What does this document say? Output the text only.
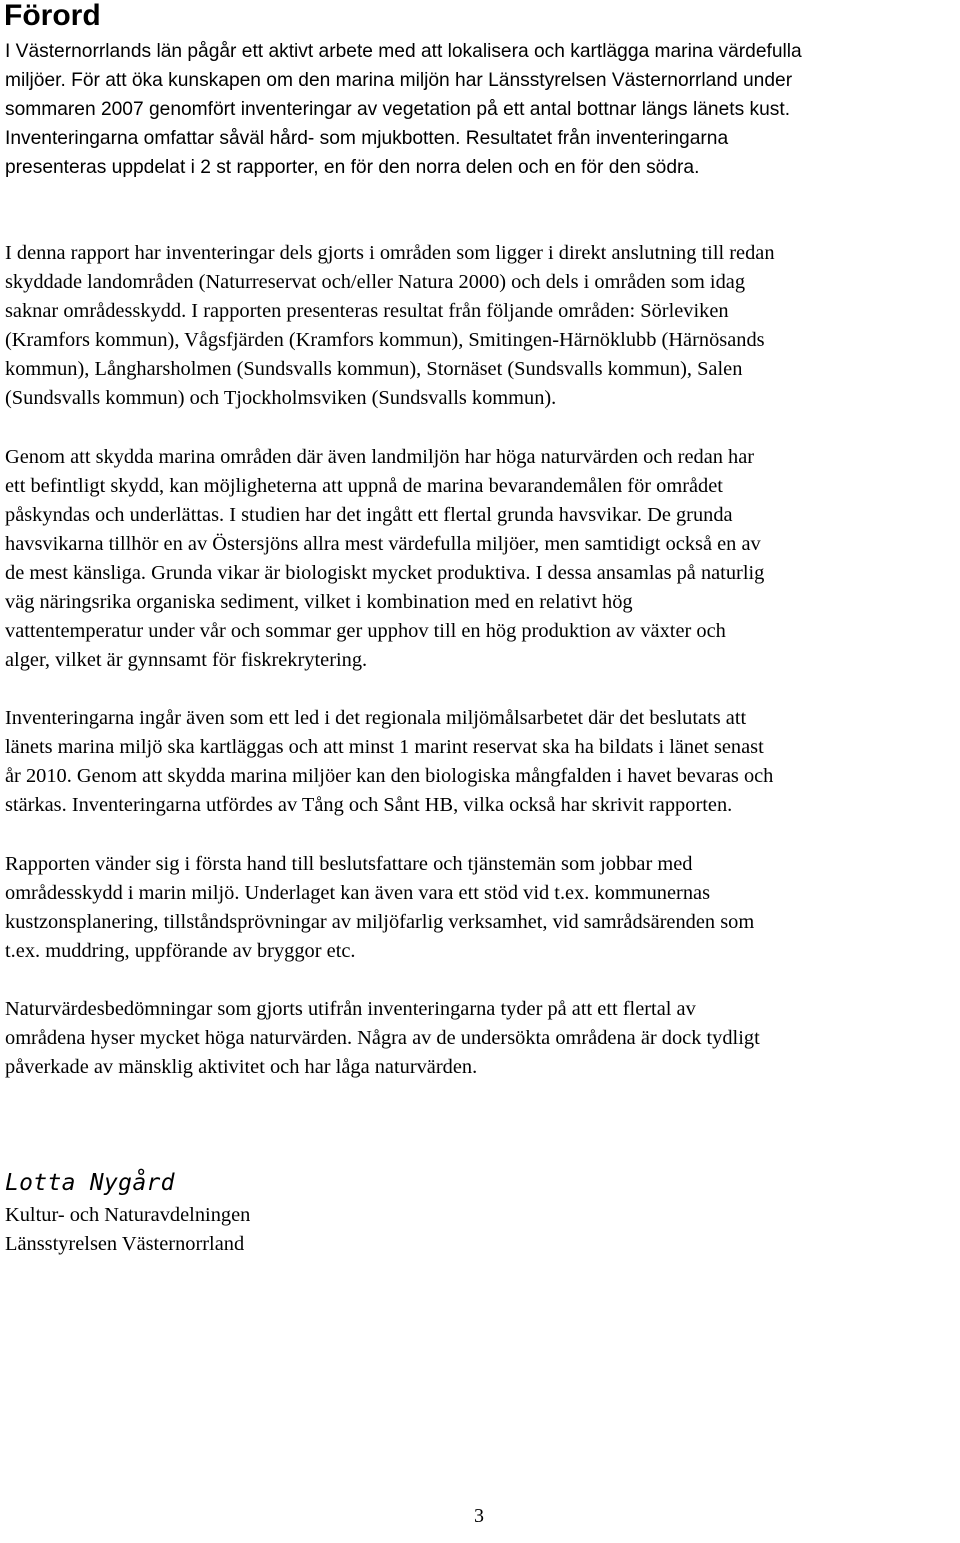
Förord

I Västernorrlands län pågår ett aktivt arbete med att lokalisera och kartlägga marina värdefulla
miljöer. För att öka kunskapen om den marina miljön har Länsstyrelsen Västernorrland under
sommaren 2007 genomfört inventeringar av vegetation på ett antal bottnar längs länets kust.
Inventeringarna omfattar såväl hård- som mjukbotten. Resultatet från inventeringarna
presenteras uppdelat i 2 st rapporter, en för den norra delen och en för den södra.

I denna rapport har inventeringar dels gjorts i områden som ligger i direkt anslutning till redan
skyddade landområden (Naturreservat och/eller Natura 2000) och dels i områden som idag
saknar områdesskydd. I rapporten presenteras resultat från följande områden: Sörleviken
(Kramfors kommun), Vågsfjärden (Kramfors kommun), Smitingen-Härnöklubb (Härnösands
kommun), Långharsholmen (Sundsvalls kommun), Stornäset (Sundsvalls kommun), Salen
(Sundsvalls kommun) och Tjockholmsviken (Sundsvalls kommun).

Genom att skydda marina områden där även landmiljön har höga naturvärden och redan har
ett befintligt skydd, kan möjligheterna att uppnå de marina bevarandemålen för området
påskyndas och underlättas. I studien har det ingått ett flertal grunda havsvikar. De grunda
havsvikarna tillhör en av Östersjöns allra mest värdefulla miljöer, men samtidigt också en av
de mest känsliga. Grunda vikar är biologiskt mycket produktiva. I dessa ansamlas på naturlig
väg näringsrika organiska sediment, vilket i kombination med en relativt hög
vattentemperatur under vår och sommar ger upphov till en hög produktion av växter och
alger, vilket är gynnsamt för fiskrekrytering.

Inventeringarna ingår även som ett led i det regionala miljömålsarbetet där det beslutats att
länets marina miljö ska kartläggas och att minst 1 marint reservat ska ha bildats i länet senast
år 2010. Genom att skydda marina miljöer kan den biologiska mångfalden i havet bevaras och
stärkas. Inventeringarna utfördes av Tång och Sånt HB, vilka också har skrivit rapporten.

Rapporten vänder sig i första hand till beslutsfattare och tjänstemän som jobbar med
områdesskydd i marin miljö. Underlaget kan även vara ett stöd vid t.ex. kommunernas
kustzonsplanering, tillståndsprövningar av miljöfarlig verksamhet, vid samrådsärenden som
t.ex. muddring, uppförande av bryggor etc.

Naturvärdesbedömningar som gjorts utifrån inventeringarna tyder på att ett flertal av
områdena hyser mycket höga naturvärden. Några av de undersökta områdena är dock tydligt
påverkade av mänsklig aktivitet och har låga naturvärden.

Lotta Nygård

Kultur- och Naturavdelningen
Länsstyrelsen Västernorrland

3
